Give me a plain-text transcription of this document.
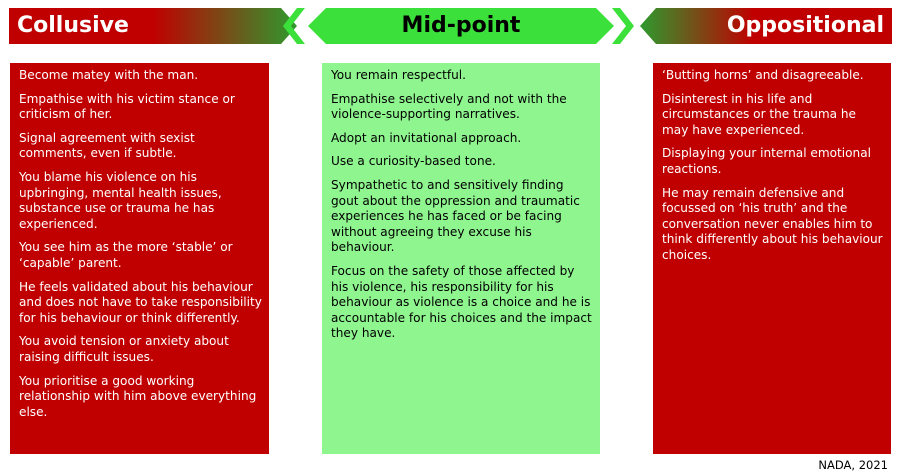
Collusive	Mid-point	Oppositional

Become matey with the man.

Empathise with his victim stance or criticism of her.

Signal agreement with sexist comments, even if subtle.

You blame his violence on his upbringing, mental health issues, substance use or trauma he has experienced.

You see him as the more ‘stable’ or ‘capable’ parent.

He feels validated about his behaviour and does not have to take responsibility for his behaviour or think differently.

You avoid tension or anxiety about raising difficult issues.

You prioritise a good working relationship with him above everything else.

You remain respectful.

Empathise selectively and not with the violence-supporting narratives.

Adopt an invitational approach.

Use a curiosity-based tone.

Sympathetic to and sensitively finding gout about the oppression and traumatic experiences he has faced or be facing without agreeing they excuse his behaviour.

Focus on the safety of those affected by his violence, his responsibility for his behaviour as violence is a choice and he is accountable for his choices and the impact they have.

‘Butting horns’ and disagreeable.

Disinterest in his life and circumstances or the trauma he may have experienced.

Displaying your internal emotional reactions.

He may remain defensive and focussed on ‘his truth’ and the conversation never enables him to think differently about his behaviour choices.

NADA, 2021
